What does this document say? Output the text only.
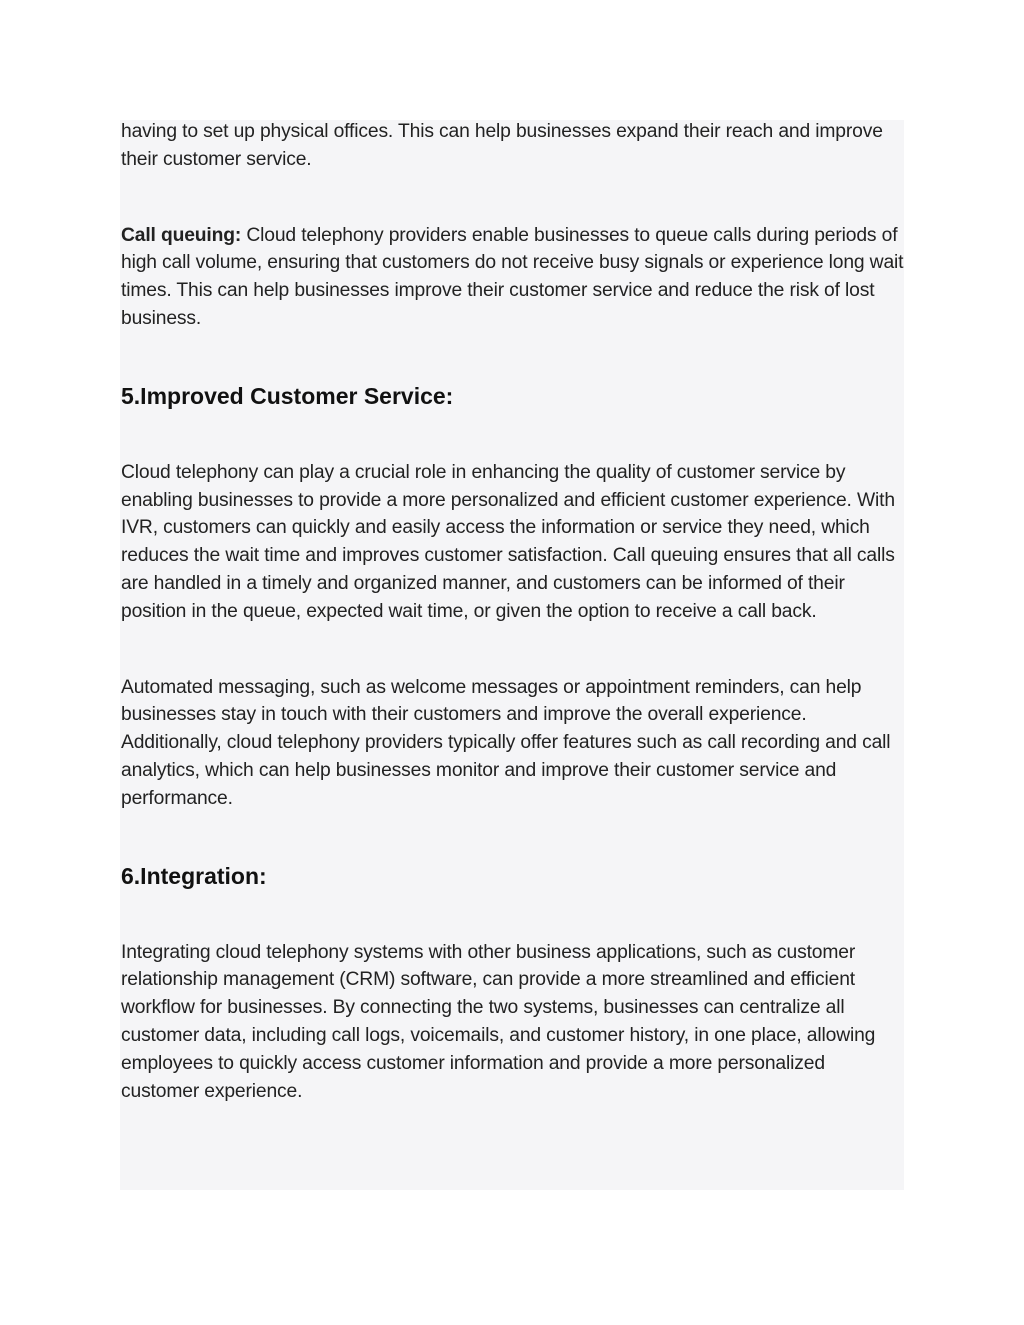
having to set up physical offices. This can help businesses expand their reach and improve their customer service.

Call queuing: Cloud telephony providers enable businesses to queue calls during periods of high call volume, ensuring that customers do not receive busy signals or experience long wait times. This can help businesses improve their customer service and reduce the risk of lost business.

5.Improved Customer Service:

Cloud telephony can play a crucial role in enhancing the quality of customer service by enabling businesses to provide a more personalized and efficient customer experience. With IVR, customers can quickly and easily access the information or service they need, which reduces the wait time and improves customer satisfaction. Call queuing ensures that all calls are handled in a timely and organized manner, and customers can be informed of their position in the queue, expected wait time, or given the option to receive a call back.

Automated messaging, such as welcome messages or appointment reminders, can help businesses stay in touch with their customers and improve the overall experience. Additionally, cloud telephony providers typically offer features such as call recording and call analytics, which can help businesses monitor and improve their customer service and performance.

6.Integration:

Integrating cloud telephony systems with other business applications, such as customer relationship management (CRM) software, can provide a more streamlined and efficient workflow for businesses. By connecting the two systems, businesses can centralize all customer data, including call logs, voicemails, and customer history, in one place, allowing employees to quickly access customer information and provide a more personalized customer experience.
